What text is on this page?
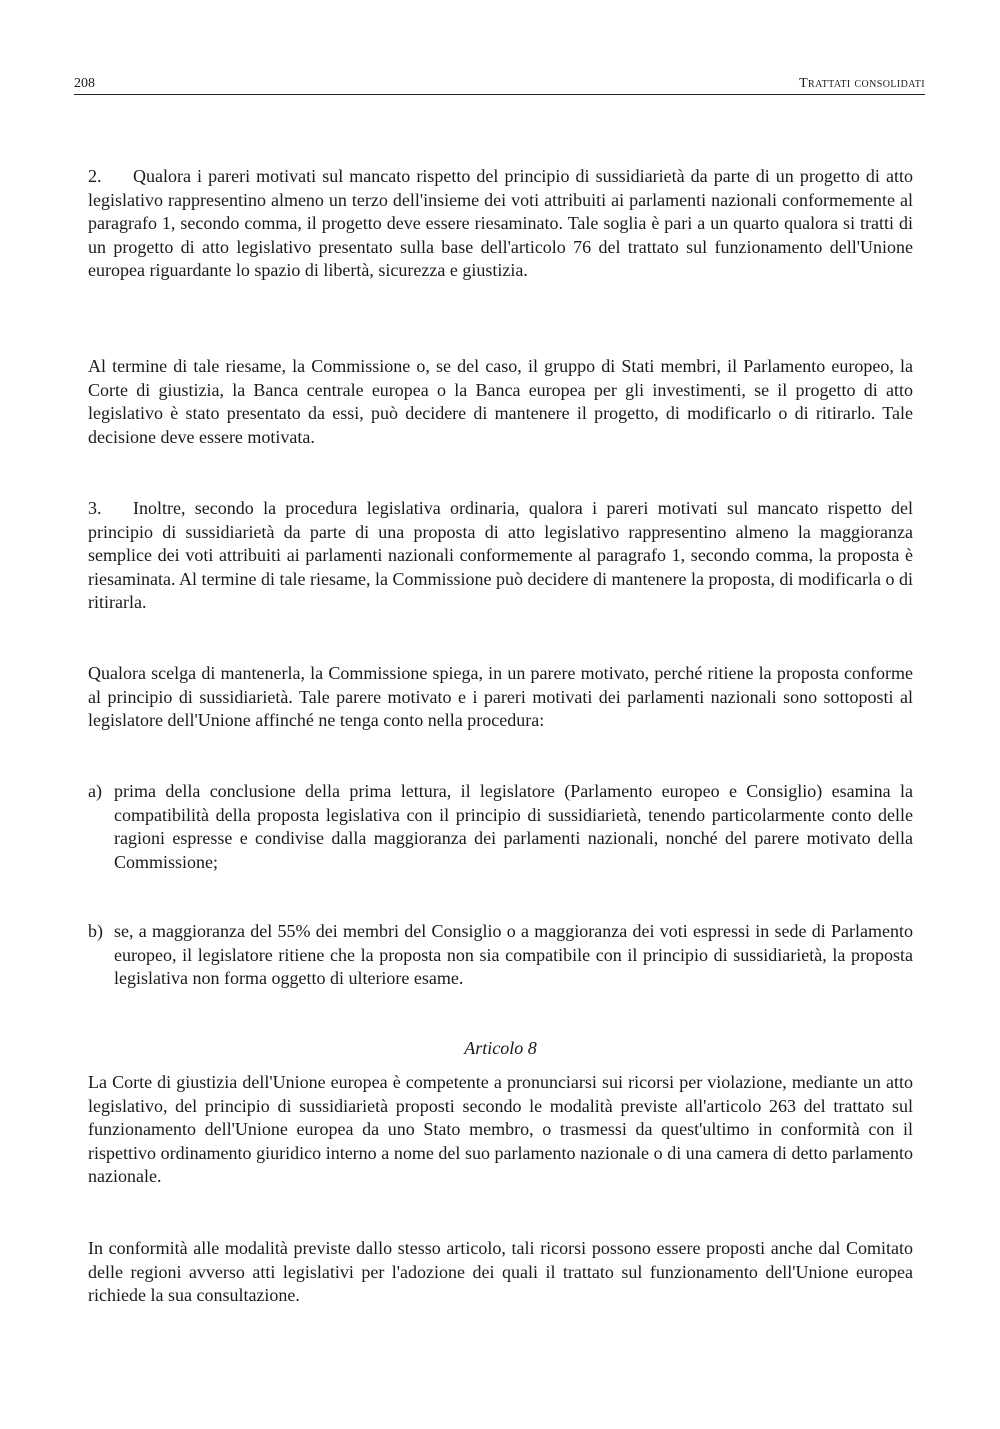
208	Trattati consolidati

2. Qualora i pareri motivati sul mancato rispetto del principio di sussidiarietà da parte di un progetto di atto legislativo rappresentino almeno un terzo dell'insieme dei voti attribuiti ai parlamenti nazionali conformemente al paragrafo 1, secondo comma, il progetto deve essere riesaminato. Tale soglia è pari a un quarto qualora si tratti di un progetto di atto legislativo presentato sulla base dell'articolo 76 del trattato sul funzionamento dell'Unione europea riguardante lo spazio di libertà, sicurezza e giustizia.

Al termine di tale riesame, la Commissione o, se del caso, il gruppo di Stati membri, il Parlamento europeo, la Corte di giustizia, la Banca centrale europea o la Banca europea per gli investimenti, se il progetto di atto legislativo è stato presentato da essi, può decidere di mantenere il progetto, di modificarlo o di ritirarlo. Tale decisione deve essere motivata.

3. Inoltre, secondo la procedura legislativa ordinaria, qualora i pareri motivati sul mancato rispetto del principio di sussidiarietà da parte di una proposta di atto legislativo rappresentino almeno la maggioranza semplice dei voti attribuiti ai parlamenti nazionali conformemente al paragrafo 1, secondo comma, la proposta è riesaminata. Al termine di tale riesame, la Commissione può decidere di mantenere la proposta, di modificarla o di ritirarla.

Qualora scelga di mantenerla, la Commissione spiega, in un parere motivato, perché ritiene la proposta conforme al principio di sussidiarietà. Tale parere motivato e i pareri motivati dei parlamenti nazionali sono sottoposti al legislatore dell'Unione affinché ne tenga conto nella procedura:

a) prima della conclusione della prima lettura, il legislatore (Parlamento europeo e Consiglio) esamina la compatibilità della proposta legislativa con il principio di sussidiarietà, tenendo particolarmente conto delle ragioni espresse e condivise dalla maggioranza dei parlamenti nazionali, nonché del parere motivato della Commissione;

b) se, a maggioranza del 55% dei membri del Consiglio o a maggioranza dei voti espressi in sede di Parlamento europeo, il legislatore ritiene che la proposta non sia compatibile con il principio di sussidiarietà, la proposta legislativa non forma oggetto di ulteriore esame.

Articolo 8

La Corte di giustizia dell'Unione europea è competente a pronunciarsi sui ricorsi per violazione, mediante un atto legislativo, del principio di sussidiarietà proposti secondo le modalità previste all'articolo 263 del trattato sul funzionamento dell'Unione europea da uno Stato membro, o trasmessi da quest'ultimo in conformità con il rispettivo ordinamento giuridico interno a nome del suo parlamento nazionale o di una camera di detto parlamento nazionale.

In conformità alle modalità previste dallo stesso articolo, tali ricorsi possono essere proposti anche dal Comitato delle regioni avverso atti legislativi per l'adozione dei quali il trattato sul funzionamento dell'Unione europea richiede la sua consultazione.
